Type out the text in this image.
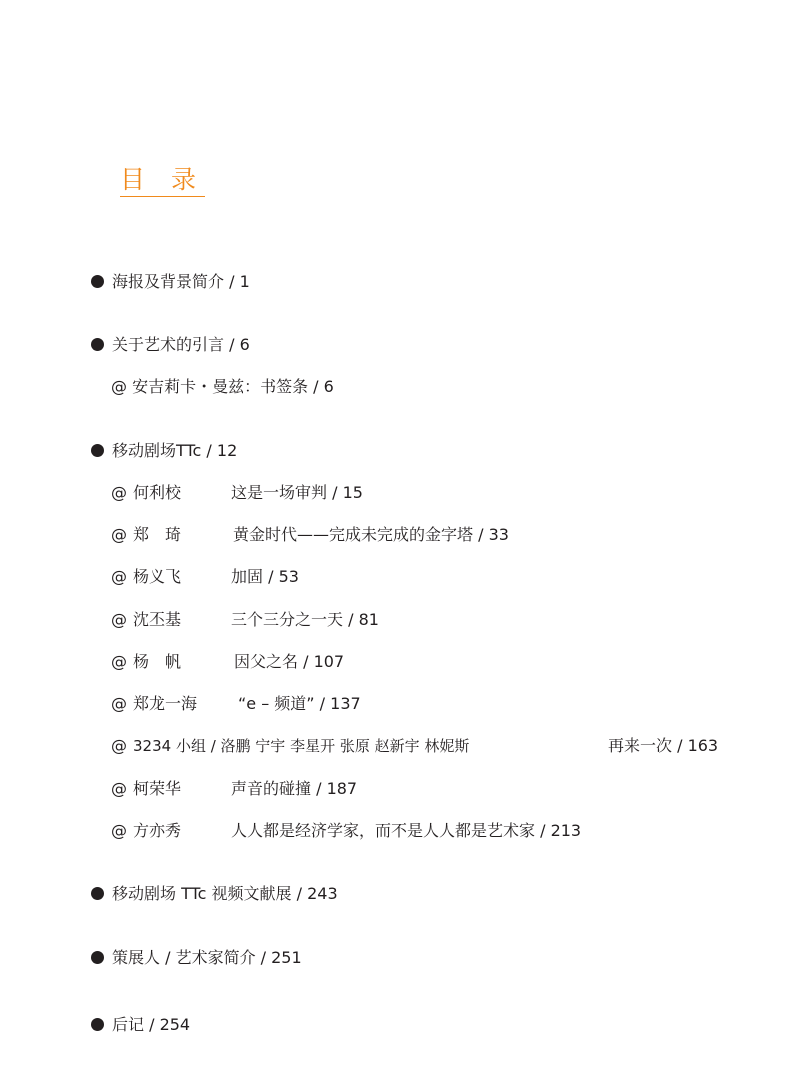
目 录
海报及背景简介 / 1
关于艺术的引言 / 6
@ 安吉莉卡・曼兹：书签条 / 6
移动剧场TTc / 12
@ 何利校	这是一场审判 / 15
@ 郑　琦	黄金时代——完成未完成的金字塔 / 33
@ 杨义飞	加固 / 53
@ 沈丕基	三个三分之一天 / 81
@ 杨　帆	因父之名 / 107
@ 郑龙一海	“e – 频道” / 137
@ 3234 小组 / 洛鹏 宁宇 李星开 张原 赵新宇 林妮斯	再来一次 / 163
@ 柯荣华	声音的碰撞 / 187
@ 方亦秀	人人都是经济学家，而不是人人都是艺术家 / 213
移动剧场 TTc 视频文献展 / 243
策展人 / 艺术家简介 / 251
后记 / 254
